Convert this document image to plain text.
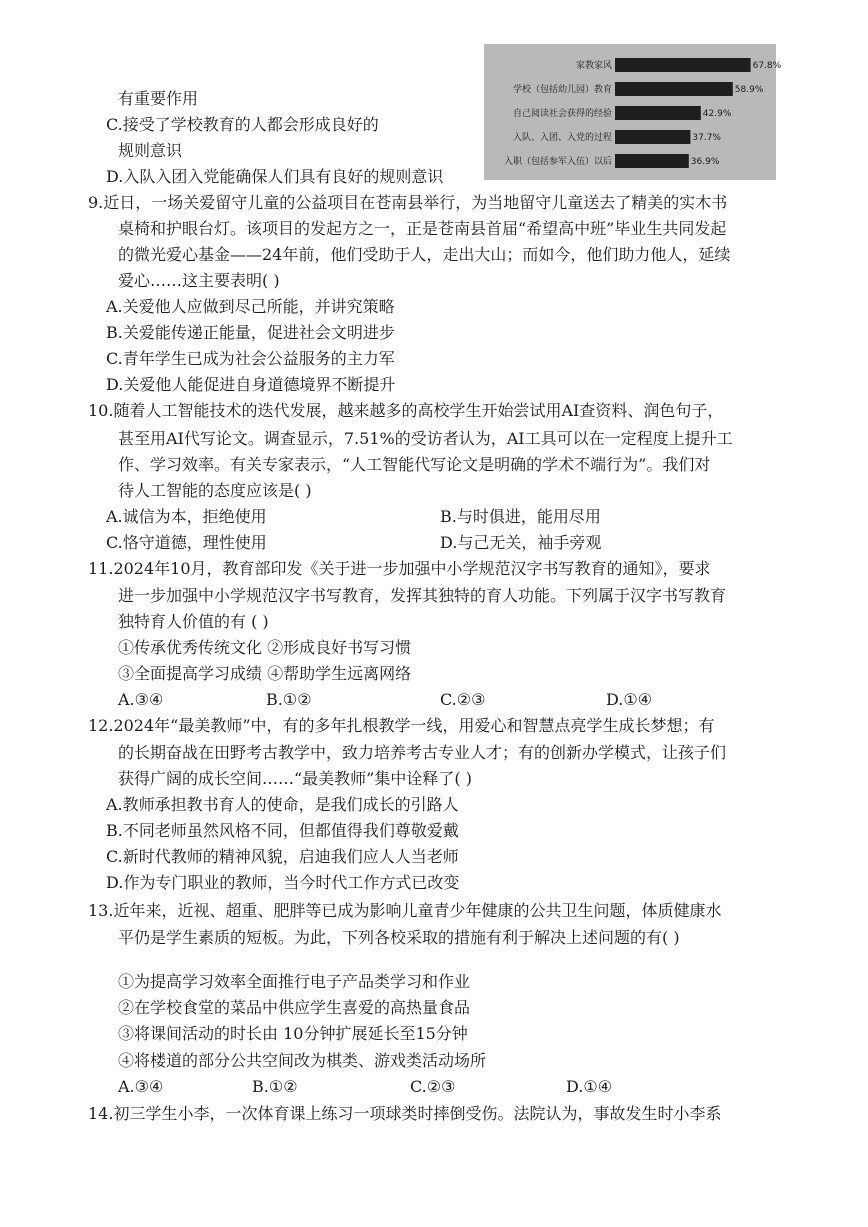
家教家风	67.8%
学校（包括幼儿园）教育	58.9%
自己阅读社会获得的经验	42.9%
入队、入团、入党的过程	37.7%
入职（包括参军入伍）以后	36.9%
有重要作用
C.接受了学校教育的人都会形成良好的
规则意识
D.入队入团入党能确保人们具有良好的规则意识
9.近日，一场关爱留守儿童的公益项目在苍南县举行，为当地留守儿童送去了精美的实木书
桌椅和护眼台灯。该项目的发起方之一，正是苍南县首届“希望高中班”毕业生共同发起
的微光爱心基金——24年前，他们受助于人，走出大山；而如今，他们助力他人，延续
爱心……这主要表明( )
A.关爱他人应做到尽己所能，并讲究策略
B.关爱能传递正能量，促进社会文明进步
C.青年学生已成为社会公益服务的主力军
D.关爱他人能促进自身道德境界不断提升
10.随着人工智能技术的迭代发展，越来越多的高校学生开始尝试用AI查资料、润色句子，
甚至用AI代写论文。调查显示，7.51%的受访者认为，AI工具可以在一定程度上提升工
作、学习效率。有关专家表示，“人工智能代写论文是明确的学术不端行为”。我们对
待人工智能的态度应该是( )
A.诚信为本，拒绝使用	B.与时俱进，能用尽用
C.恪守道德，理性使用	D.与己无关，袖手旁观
11.2024年10月，教育部印发《关于进一步加强中小学规范汉字书写教育的通知》，要求
进一步加强中小学规范汉字书写教育，发挥其独特的育人功能。下列属于汉字书写教育
独特育人价值的有 ( )
①传承优秀传统文化 ②形成良好书写习惯
③全面提高学习成绩 ④帮助学生远离网络
A.③④	B.①②	C.②③	D.①④
12.2024年“最美教师”中，有的多年扎根教学一线，用爱心和智慧点亮学生成长梦想；有
的长期奋战在田野考古教学中，致力培养考古专业人才；有的创新办学模式，让孩子们
获得广阔的成长空间……“最美教师”集中诠释了( )
A.教师承担教书育人的使命，是我们成长的引路人
B.不同老师虽然风格不同，但都值得我们尊敬爱戴
C.新时代教师的精神风貌，启迪我们应人人当老师
D.作为专门职业的教师，当今时代工作方式已改变
13.近年来，近视、超重、肥胖等已成为影响儿童青少年健康的公共卫生问题，体质健康水
平仍是学生素质的短板。为此，下列各校采取的措施有利于解决上述问题的有( )
①为提高学习效率全面推行电子产品类学习和作业
②在学校食堂的菜品中供应学生喜爱的高热量食品
③将课间活动的时长由 10分钟扩展延长至15分钟
④将楼道的部分公共空间改为棋类、游戏类活动场所
A.③④	B.①②	C.②③	D.①④
14.初三学生小李，一次体育课上练习一项球类时摔倒受伤。法院认为，事故发生时小李系
